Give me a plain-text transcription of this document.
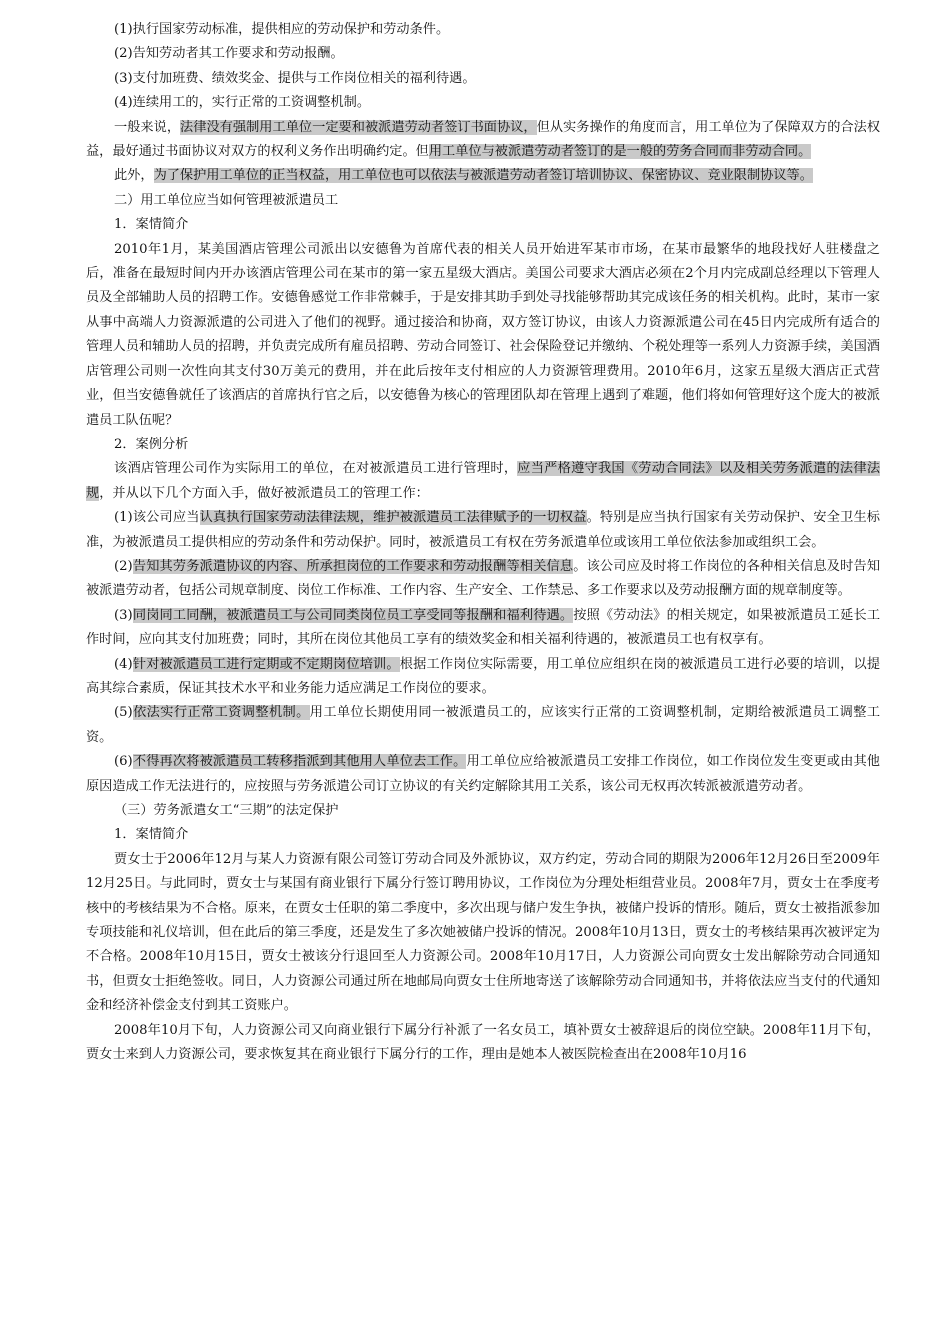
(1)执行国家劳动标准，提供相应的劳动保护和劳动条件。

(2)告知劳动者其工作要求和劳动报酬。

(3)支付加班费、绩效奖金、提供与工作岗位相关的福利待遇。

(4)连续用工的，实行正常的工资调整机制。

一般来说，法律没有强制用工单位一定要和被派遣劳动者签订书面协议，但从实务操作的角度而言，用工单位为了保障双方的合法权益，最好通过书面协议对双方的权利义务作出明确约定。但用工单位与被派遣劳动者签订的是一般的劳务合同而非劳动合同。

此外，为了保护用工单位的正当权益，用工单位也可以依法与被派遣劳动者签订培训协议、保密协议、竞业限制协议等。

二）用工单位应当如何管理被派遣员工

1．案情简介

2010年1月，某美国酒店管理公司派出以安德鲁为首席代表的相关人员开始进军某市市场，在某市最繁华的地段找好人驻楼盘之后，准备在最短时间内开办该酒店管理公司在某市的第一家五星级大酒店。美国公司要求大酒店必须在2个月内完成副总经理以下管理人员及全部辅助人员的招聘工作。安德鲁感觉工作非常棘手，于是安排其助手到处寻找能够帮助其完成该任务的相关机构。此时，某市一家从事中高端人力资源派遣的公司进入了他们的视野。通过接洽和协商，双方签订协议，由该人力资源派遣公司在45日内完成所有适合的管理人员和辅助人员的招聘，并负责完成所有雇员招聘、劳动合同签订、社会保险登记并缴纳、个税处理等一系列人力资源手续，美国酒店管理公司则一次性向其支付30万美元的费用，并在此后按年支付相应的人力资源管理费用。2010年6月，这家五星级大酒店正式营业，但当安德鲁就任了该酒店的首席执行官之后，以安德鲁为核心的管理团队却在管理上遇到了难题，他们将如何管理好这个庞大的被派遣员工队伍呢？

2．案例分析

该酒店管理公司作为实际用工的单位，在对被派遣员工进行管理时，应当严格遵守我国《劳动合同法》以及相关劳务派遣的法律法规，并从以下几个方面入手，做好被派遣员工的管理工作：

(1)该公司应当认真执行国家劳动法律法规，维护被派遣员工法律赋予的一切权益。特别是应当执行国家有关劳动保护、安全卫生标准，为被派遣员工提供相应的劳动条件和劳动保护。同时，被派遣员工有权在劳务派遣单位或该用工单位依法参加或组织工会。

(2)告知其劳务派遣协议的内容、所承担岗位的工作要求和劳动报酬等相关信息。该公司应及时将工作岗位的各种相关信息及时告知被派遣劳动者，包括公司规章制度、岗位工作标准、工作内容、生产安全、工作禁忌、多工作要求以及劳动报酬方面的规章制度等。

(3)同岗同工同酬，被派遣员工与公司同类岗位员工享受同等报酬和福利待遇。按照《劳动法》的相关规定，如果被派遣员工延长工作时间，应向其支付加班费；同时，其所在岗位其他员工享有的绩效奖金和相关福利待遇的，被派遣员工也有权享有。

(4)针对被派遣员工进行定期或不定期岗位培训。根据工作岗位实际需要，用工单位应组织在岗的被派遣员工进行必要的培训，以提高其综合素质，保证其技术水平和业务能力适应满足工作岗位的要求。

(5)依法实行正常工资调整机制。用工单位长期使用同一被派遣员工的，应该实行正常的工资调整机制，定期给被派遣员工调整工资。

(6)不得再次将被派遣员工转移指派到其他用人单位去工作。用工单位应给被派遣员工安排工作岗位，如工作岗位发生变更或由其他原因造成工作无法进行的，应按照与劳务派遣公司订立协议的有关约定解除其用工关系，该公司无权再次转派被派遣劳动者。

（三）劳务派遣女工“三期”的法定保护

1．案情简介

贾女士于2006年12月与某人力资源有限公司签订劳动合同及外派协议，双方约定，劳动合同的期限为2006年12月26日至2009年12月25日。与此同时，贾女士与某国有商业银行下属分行签订聘用协议，工作岗位为分理处柜组营业员。2008年7月，贾女士在季度考核中的考核结果为不合格。原来，在贾女士任职的第二季度中，多次出现与储户发生争执，被储户投诉的情形。随后，贾女士被指派参加专项技能和礼仪培训，但在此后的第三季度，还是发生了多次她被储户投诉的情况。2008年10月13日，贾女士的考核结果再次被评定为不合格。2008年10月15日，贾女士被该分行退回至人力资源公司。2008年10月17日，人力资源公司向贾女士发出解除劳动合同通知书，但贾女士拒绝签收。同日，人力资源公司通过所在地邮局向贾女士住所地寄送了该解除劳动合同通知书，并将依法应当支付的代通知金和经济补偿金支付到其工资账户。

2008年10月下旬，人力资源公司又向商业银行下属分行补派了一名女员工，填补贾女士被辞退后的岗位空缺。2008年11月下旬，贾女士来到人力资源公司，要求恢复其在商业银行下属分行的工作，理由是她本人被医院检查出在2008年10月16
